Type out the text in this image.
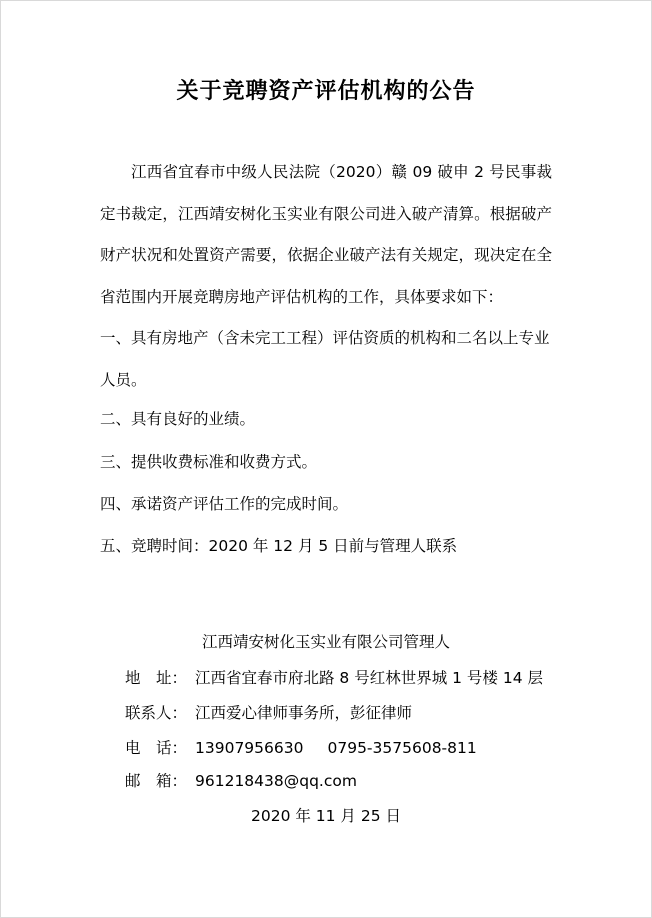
关于竞聘资产评估机构的公告
江西省宜春市中级人民法院（2020）赣 09 破申 2 号民事裁定书裁定，江西靖安树化玉实业有限公司进入破产清算。根据破产财产状况和处置资产需要，依据企业破产法有关规定，现决定在全省范围内开展竞聘房地产评估机构的工作，具体要求如下：
一、具有房地产（含未完工工程）评估资质的机构和二名以上专业人员。
二、具有良好的业绩。
三、提供收费标准和收费方式。
四、承诺资产评估工作的完成时间。
五、竞聘时间：2020 年 12 月 5 日前与管理人联系
江西靖安树化玉实业有限公司管理人
地　址： 江西省宜春市府北路 8 号红林世界城 1 号楼 14 层
联系人： 江西爱心律师事务所，彭征律师
电　话： 13907956630 0795-3575608-811
邮　箱： 961218438@qq.com
2020 年 11 月 25 日
